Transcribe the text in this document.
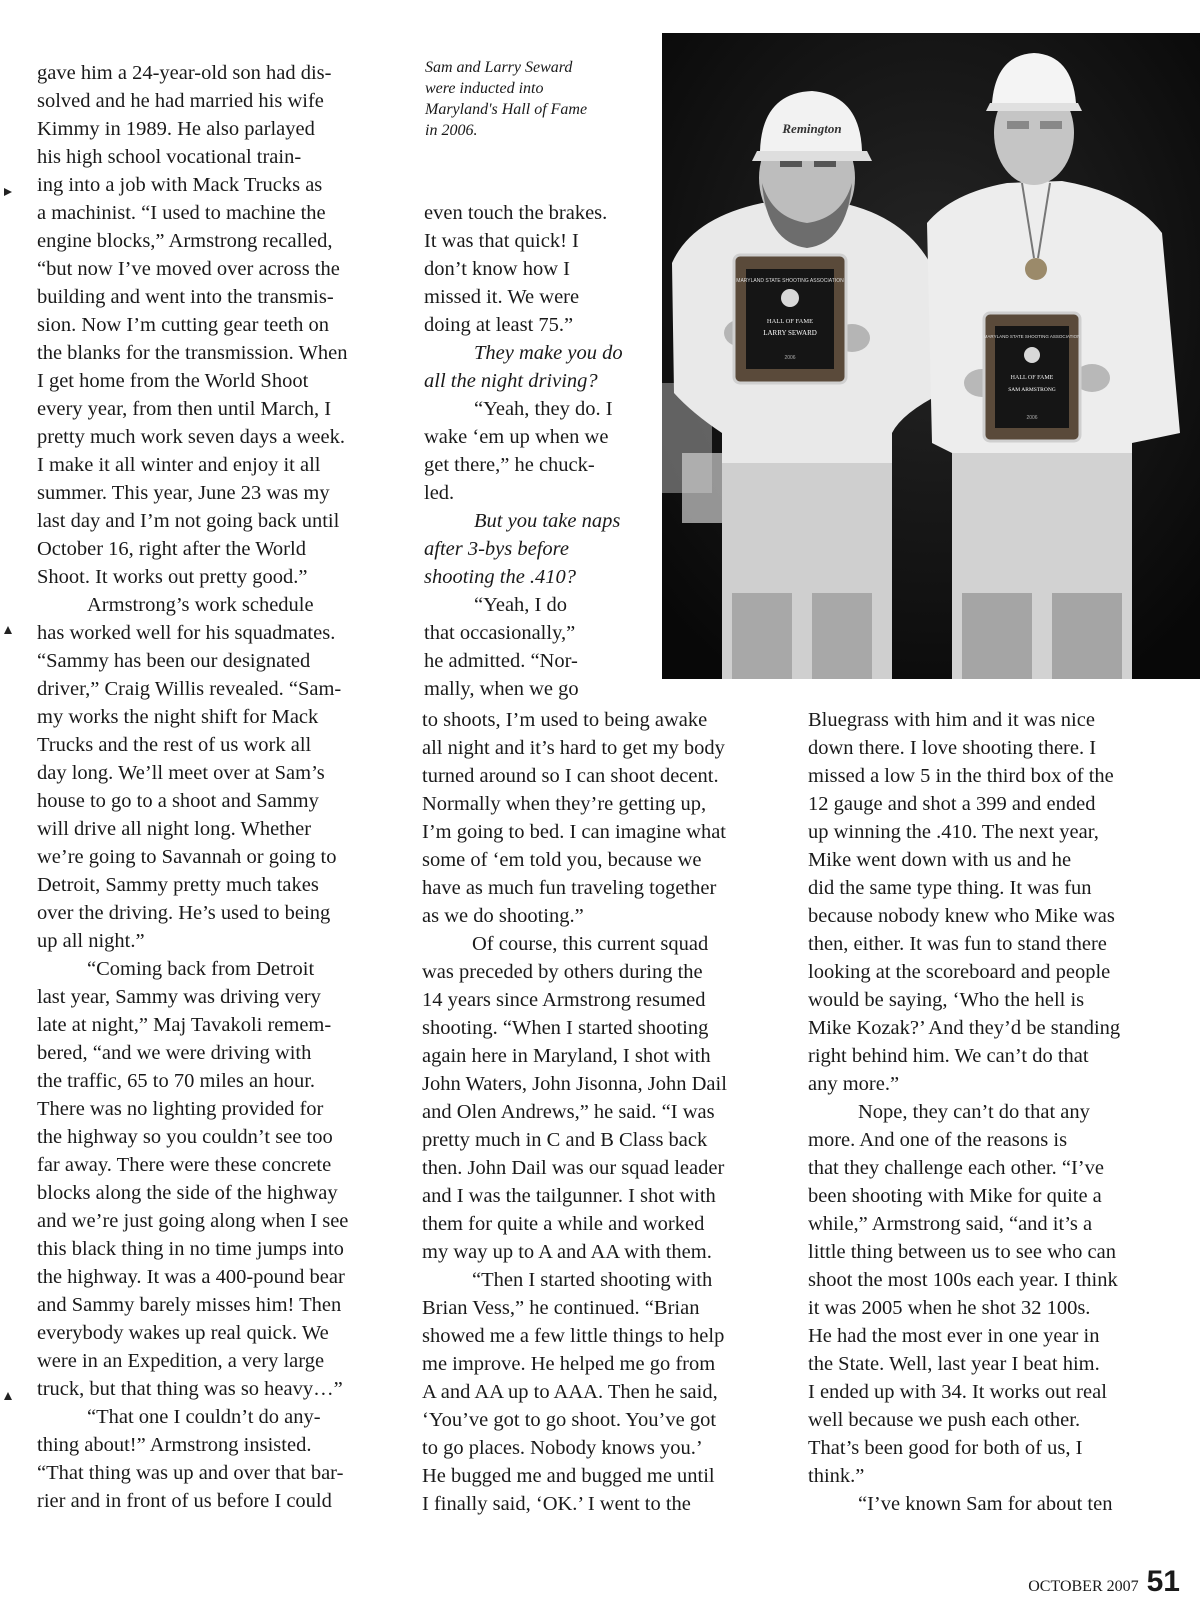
gave him a 24-year-old son had dis-
solved and he had married his wife
Kimmy in 1989. He also parlayed
his high school vocational train-
ing into a job with Mack Trucks as
a machinist. “I used to machine the
engine blocks,” Armstrong recalled,
“but now I’ve moved over across the
building and went into the transmis-
sion. Now I’m cutting gear teeth on
the blanks for the transmission. When
I get home from the World Shoot
every year, from then until March, I
pretty much work seven days a week.
I make it all winter and enjoy it all
summer. This year, June 23 was my
last day and I’m not going back until
October 16, right after the World
Shoot. It works out pretty good.”
Armstrong’s work schedule
has worked well for his squadmates.
“Sammy has been our designated
driver,” Craig Willis revealed. “Sam-
my works the night shift for Mack
Trucks and the rest of us work all
day long. We’ll meet over at Sam’s
house to go to a shoot and Sammy
will drive all night long. Whether
we’re going to Savannah or going to
Detroit, Sammy pretty much takes
over the driving. He’s used to being
up all night.”
“Coming back from Detroit
last year, Sammy was driving very
late at night,” Maj Tavakoli remem-
bered, “and we were driving with
the traffic, 65 to 70 miles an hour.
There was no lighting provided for
the highway so you couldn’t see too
far away. There were these concrete
blocks along the side of the highway
and we’re just going along when I see
this black thing in no time jumps into
the highway. It was a 400-pound bear
and Sammy barely misses him! Then
everybody wakes up real quick. We
were in an Expedition, a very large
truck, but that thing was so heavy…”
“That one I couldn’t do any-
thing about!” Armstrong insisted.
“That thing was up and over that bar-
rier and in front of us before I could
Sam and Larry Seward
were inducted into
Maryland's Hall of Fame
in 2006.	Remington
MARYLAND STATE SHOOTING ASSOCIATION
HALL OF FAME
LARRY SEWARD
2006
MARYLAND STATE SHOOTING ASSOCIATION
HALL OF FAME
SAM ARMSTRONG
2006
even touch the brakes.
It was that quick! I
don’t know how I
missed it. We were
doing at least 75.”
They make you do
all the night driving?
“Yeah, they do. I
wake ‘em up when we
get there,” he chuck-
led.
But you take naps
after 3-bys before
shooting the .410?
“Yeah, I do
that occasionally,”
he admitted. “Nor-
mally, when we go
to shoots, I’m used to being awake
all night and it’s hard to get my body
turned around so I can shoot decent.
Normally when they’re getting up,
I’m going to bed. I can imagine what
some of ‘em told you, because we
have as much fun traveling together
as we do shooting.”
Of course, this current squad
was preceded by others during the
14 years since Armstrong resumed
shooting. “When I started shooting
again here in Maryland, I shot with
John Waters, John Jisonna, John Dail
and Olen Andrews,” he said. “I was
pretty much in C and B Class back
then. John Dail was our squad leader
and I was the tailgunner. I shot with
them for quite a while and worked
my way up to A and AA with them.
“Then I started shooting with
Brian Vess,” he continued. “Brian
showed me a few little things to help
me improve. He helped me go from
A and AA up to AAA. Then he said,
‘You’ve got to go shoot. You’ve got
to go places. Nobody knows you.’
He bugged me and bugged me until
I finally said, ‘OK.’ I went to the
Bluegrass with him and it was nice
down there. I love shooting there. I
missed a low 5 in the third box of the
12 gauge and shot a 399 and ended
up winning the .410. The next year,
Mike went down with us and he
did the same type thing. It was fun
because nobody knew who Mike was
then, either. It was fun to stand there
looking at the scoreboard and people
would be saying, ‘Who the hell is
Mike Kozak?’ And they’d be standing
right behind him. We can’t do that
any more.”
Nope, they can’t do that any
more. And one of the reasons is
that they challenge each other. “I’ve
been shooting with Mike for quite a
while,” Armstrong said, “and it’s a
little thing between us to see who can
shoot the most 100s each year. I think
it was 2005 when he shot 32 100s.
He had the most ever in one year in
the State. Well, last year I beat him.
I ended up with 34. It works out real
well because we push each other.
That’s been good for both of us, I
think.”
“I’ve known Sam for about ten
OCTOBER 2007 51
